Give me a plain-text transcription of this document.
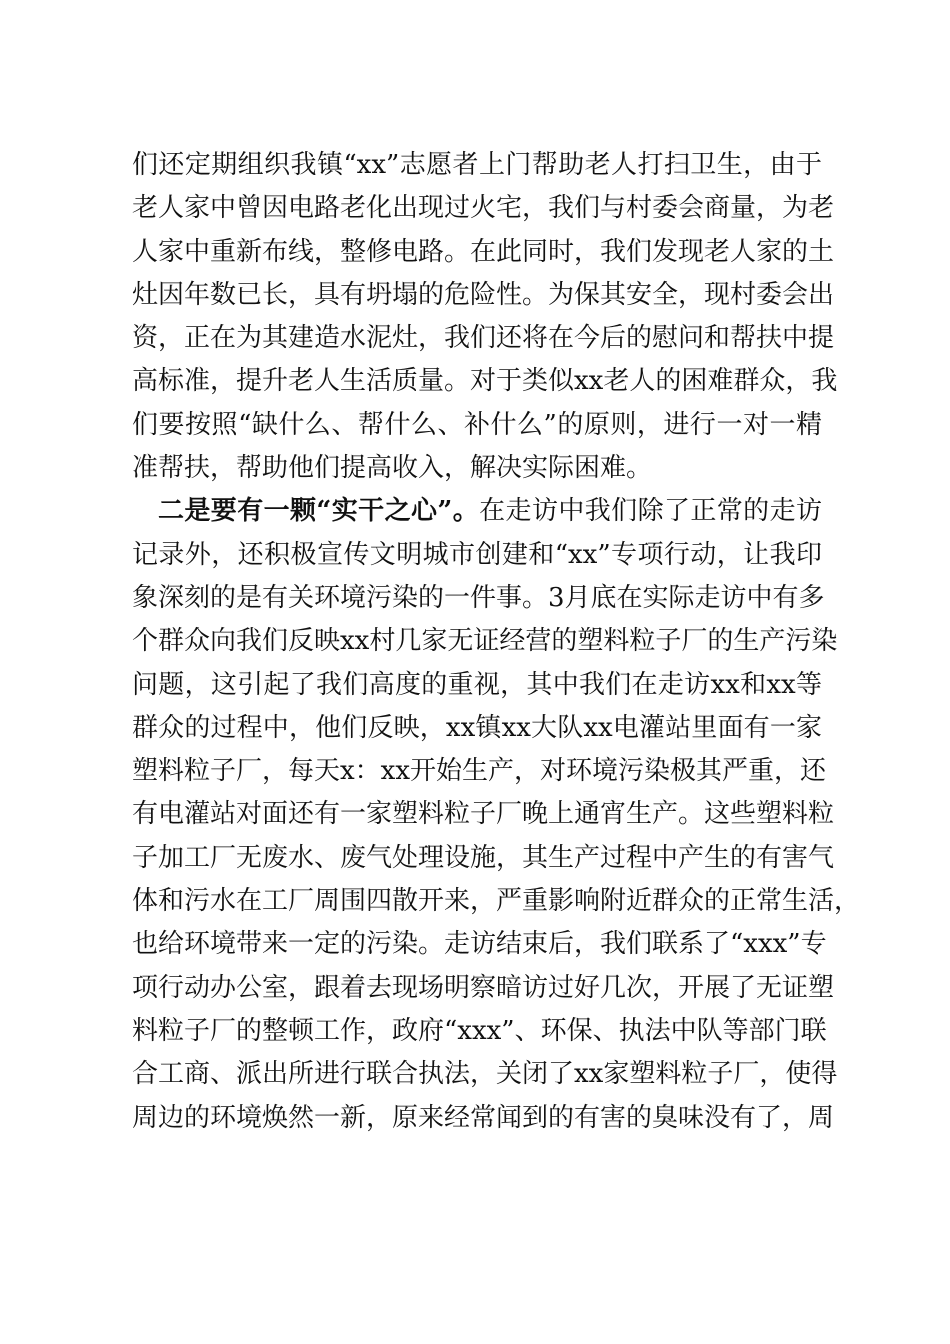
们还定期组织我镇“xx”志愿者上门帮助老人打扫卫生，由于
老人家中曾因电路老化出现过火宅，我们与村委会商量，为老
人家中重新布线，整修电路。在此同时，我们发现老人家的土
灶因年数已长，具有坍塌的危险性。为保其安全，现村委会出
资，正在为其建造水泥灶，我们还将在今后的慰问和帮扶中提
高标准，提升老人生活质量。对于类似xx老人的困难群众，我
们要按照“缺什么、帮什么、补什么”的原则，进行一对一精
准帮扶，帮助他们提高收入，解决实际困难。
二是要有一颗“实干之心”。在走访中我们除了正常的走访
记录外，还积极宣传文明城市创建和“xx”专项行动，让我印
象深刻的是有关环境污染的一件事。3月底在实际走访中有多
个群众向我们反映xx村几家无证经营的塑料粒子厂的生产污染
问题，这引起了我们高度的重视，其中我们在走访xx和xx等
群众的过程中，他们反映，xx镇xx大队xx电灌站里面有一家
塑料粒子厂，每天x：xx开始生产，对环境污染极其严重，还
有电灌站对面还有一家塑料粒子厂晚上通宵生产。这些塑料粒
子加工厂无废水、废气处理设施，其生产过程中产生的有害气
体和污水在工厂周围四散开来，严重影响附近群众的正常生活，
也给环境带来一定的污染。走访结束后，我们联系了“xxx”专
项行动办公室，跟着去现场明察暗访过好几次，开展了无证塑
料粒子厂的整顿工作，政府“xxx”、环保、执法中队等部门联
合工商、派出所进行联合执法，关闭了xx家塑料粒子厂，使得
周边的环境焕然一新，原来经常闻到的有害的臭味没有了，周
